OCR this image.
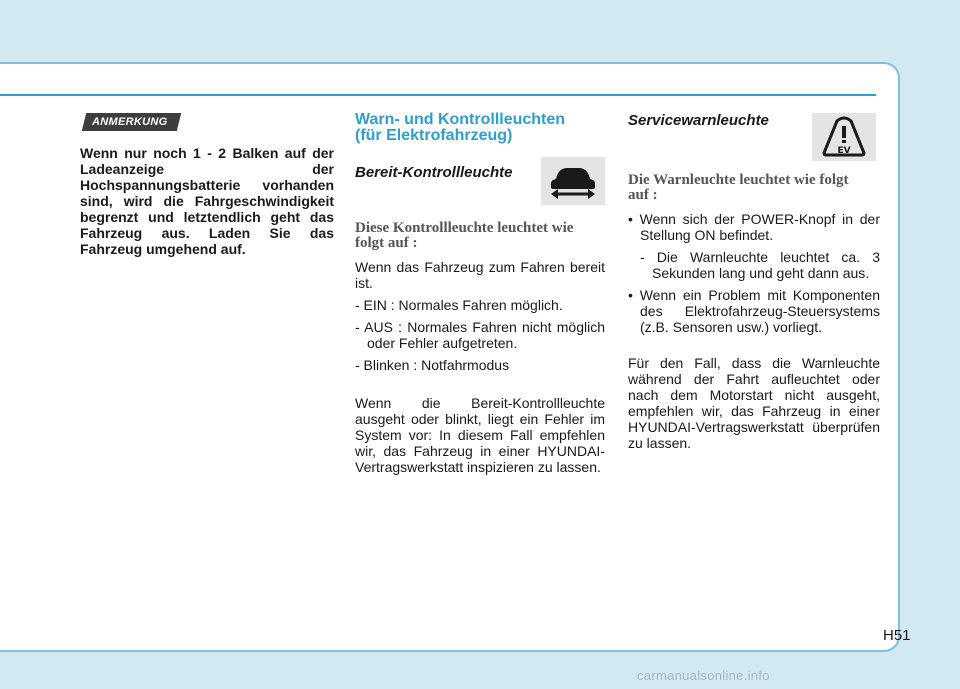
ANMERKUNG
Wenn nur noch 1 - 2 Balken auf der Ladeanzeige der Hochspannungsbatterie vorhanden sind, wird die Fahrgeschwindigkeit begrenzt und letztendlich geht das Fahrzeug aus. Laden Sie das Fahrzeug umgehend auf.
Warn- und Kontrollleuchten
(für Elektrofahrzeug)
Bereit-Kontrollleuchte
Diese Kontrollleuchte leuchtet wie
folgt auf :
Wenn das Fahrzeug zum Fahren bereit ist.
- EIN : Normales Fahren möglich.
- AUS : Normales Fahren nicht möglich oder Fehler aufgetreten.
- Blinken : Notfahrmodus
Wenn die Bereit-Kontrollleuchte ausgeht oder blinkt, liegt ein Fehler im System vor: In diesem Fall empfehlen wir, das Fahrzeug in einer HYUNDAI-Vertragswerkstatt inspizieren zu lassen.
Servicewarnleuchte
Die Warnleuchte leuchtet wie folgt
auf :
• Wenn sich der POWER-Knopf in der Stellung ON befindet.
- Die Warnleuchte leuchtet ca. 3 Sekunden lang und geht dann aus.
• Wenn ein Problem mit Komponenten des Elektrofahrzeug-Steuersystems (z.B. Sensoren usw.) vorliegt.
Für den Fall, dass die Warnleuchte während der Fahrt aufleuchtet oder nach dem Motorstart nicht ausgeht, empfehlen wir, das Fahrzeug in einer HYUNDAI-Vertragswerkstatt überprüfen zu lassen.
EV
H51
carmanualsonline.info
